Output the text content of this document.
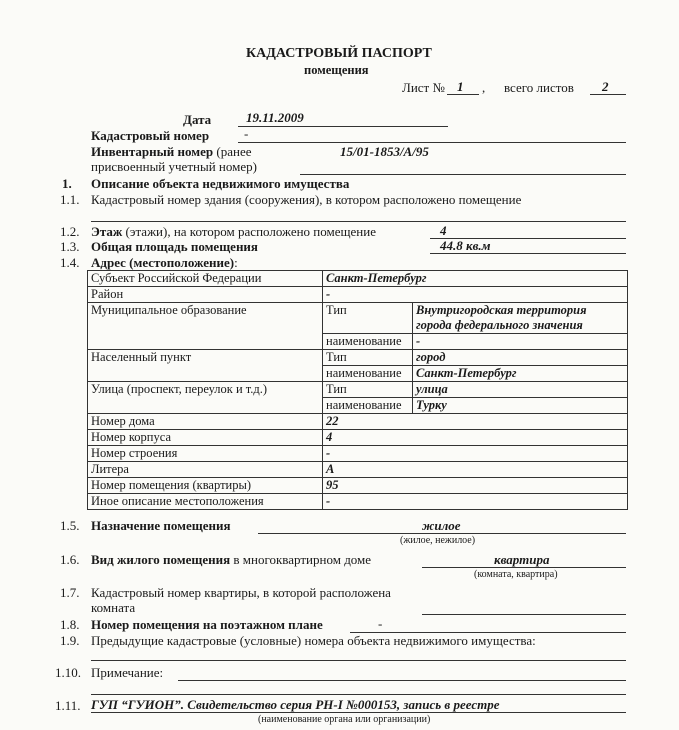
КАДАСТРОВЫЙ ПАСПОРТ
помещения
Лист № 1 , всего листов 2
Дата	19.11.2009
Кадастровый номер	-
Инвентарный номер (ранее
присвоенный учетный номер)
15/01-1853/А/95
1. Описание объекта недвижимого имущества
1.1. Кадастровый номер здания (сооружения), в котором расположено помещение
1.2. Этаж (этажи), на котором расположено помещение	4
1.3. Общая площадь помещения	44.8 кв.м
1.4. Адрес (местоположение):
Субъект Российской Федерации	Санкт-Петербург	
Район	-	
Муниципальное образование	Тип	Внутригородская территория города федерального значения
	наименование	-
Населенный пункт	Тип	город
	наименование	Санкт-Петербург
Улица (проспект, переулок и т.д.)	Тип	улица
	наименование	Турку
Номер дома	22	
Номер корпуса	4	
Номер строения	-	
Литера	А	
Номер помещения (квартиры)	95	
Иное описание местоположения	-	
1.5. Назначение помещения	жилое
(жилое, нежилое)
1.6. Вид жилого помещения в многоквартирном доме	квартира
(комната, квартира)
1.7. Кадастровый номер квартиры, в которой расположена
комната
1.8. Номер помещения на поэтажном плане	-
1.9. Предыдущие кадастровые (условные) номера объекта недвижимого имущества:
1.10. Примечание:
1.11. ГУП “ГУИОН”. Свидетельство серия РН-I №000153, запись в реестре
(наименование органа или организации)
